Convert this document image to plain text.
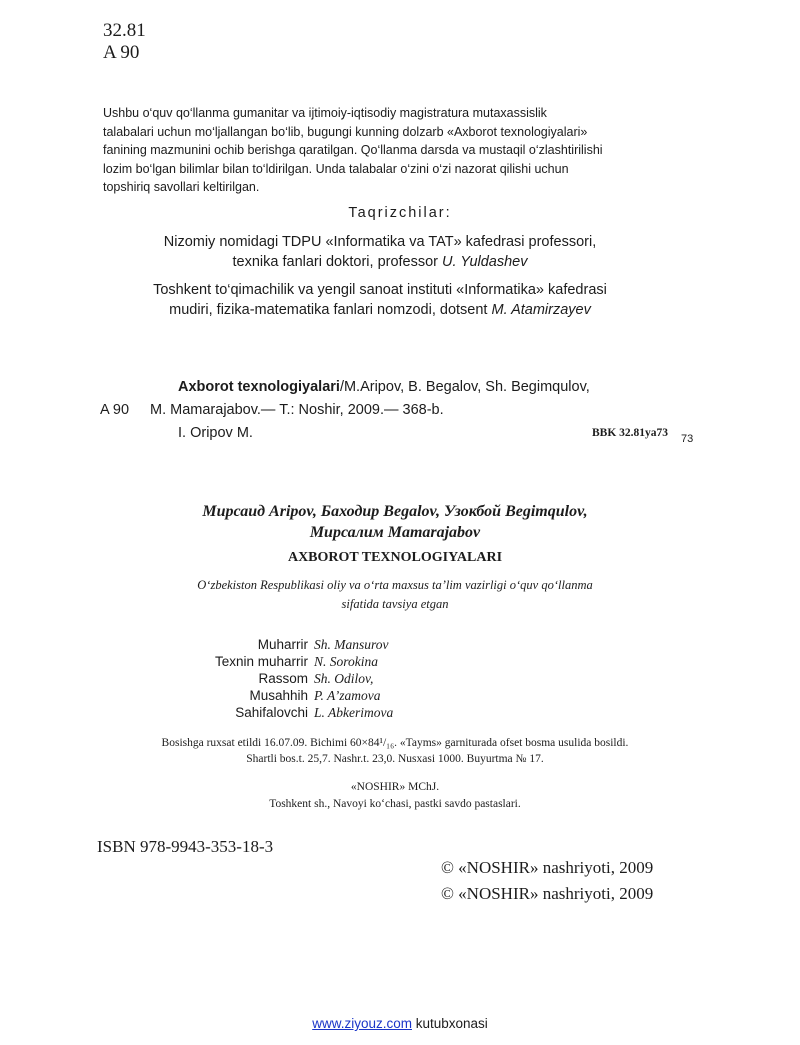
32.81
A 90
Ushbu o‘quv qo‘llanma gumanitar va ijtimoiy-iqtisodiy magistratura mutaxassislik
talabalari uchun mo‘ljallangan bo‘lib, bugungi kunning dolzarb «Axborot texnologiyalari»
fanining mazmunini ochib berishga qaratilgan. Qo‘llanma darsda va mustaqil o‘zlashtirilishi
lozim bo‘lgan bilimlar bilan to‘ldirilgan. Unda talabalar o‘zini o‘zi nazorat qilishi uchun
topshiriq savollari keltirilgan.
Taqrizchilar:
Nizomiy nomidagi TDPU «Informatika va TAT» kafedrasi professori,
texnika fanlari doktori, professor U. Yuldashev
Toshkent to‘qimachilik va yengil sanoat instituti «Informatika» kafedrasi
mudiri, fizika-matematika fanlari nomzodi, dotsent M. Atamirzayev
Axborot texnologiyalari/M.Aripov, B. Begalov, Sh. Begimqulov,
A 90 M. Mamarajabov.— T.: Noshir, 2009.— 368-b.
I. Oripov M.	BBK 32.81ya73 73
Мирсаид Aripov, Баходир Begalov, Узокбой Begimqulov,
Мирсалим Mamarajabov
AXBOROT TEXNOLOGIYALARI
O‘zbekiston Respublikasi oliy va o‘rta maxsus ta’lim vazirligi o‘quv qo‘llanma
sifatida tavsiya etgan
Muharrir Sh. Mansurov
Texnin muharrir N. Sorokina
Rassom Sh. Odilov,
Musahhih P. A’zamova
Sahifalovchi L. Abkerimova
Bosishga ruxsat etildi 16.07.09. Bichimi 60×84¹/₁₆. «Tayms» garniturada ofset bosma usulida bosildi.
Shartli bos.t. 25,7. Nashr.t. 23,0. Nusxasi 1000. Buyurtma № 17.
«NOSHIR» MChJ.
Toshkent sh., Navoyi ko‘chasi, pastki savdo pastaslari.
ISBN 978-9943-353-18-3
© «NOSHIR» nashriyoti, 2009
© «NOSHIR» nashriyoti, 2009
www.ziyouz.com kutubxonasi
